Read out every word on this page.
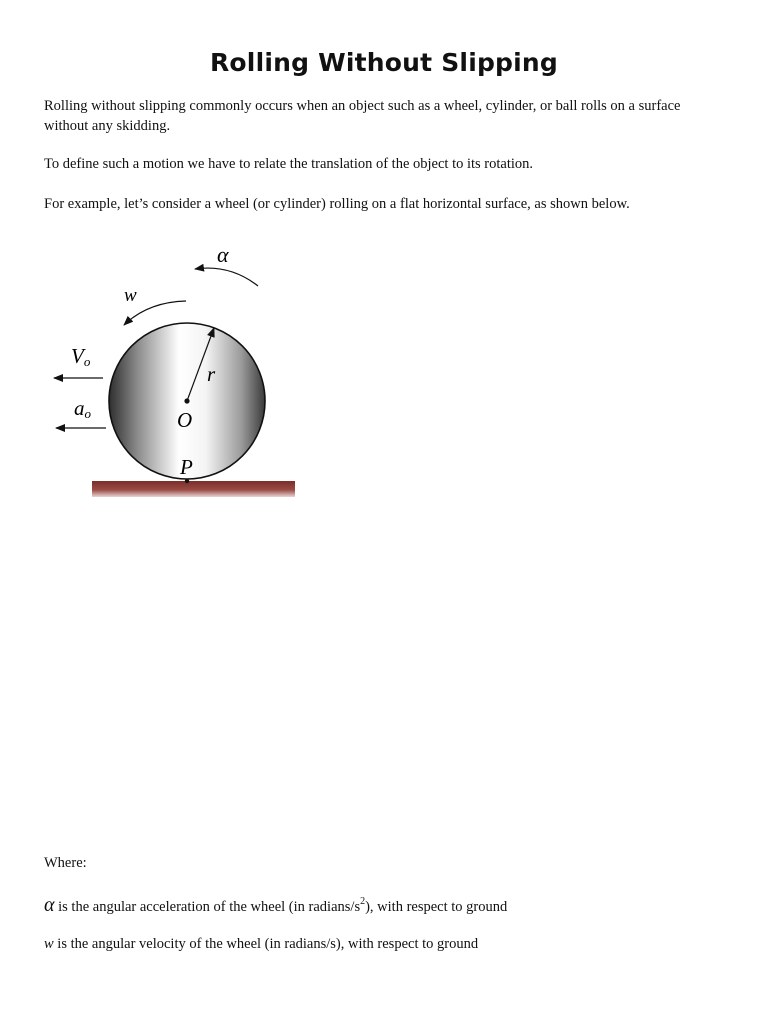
Rolling Without Slipping

Rolling without slipping commonly occurs when an object such as a wheel, cylinder, or ball rolls on a surface without any skidding.

To define such a motion we have to relate the translation of the object to its rotation.

For example, let’s consider a wheel (or cylinder) rolling on a flat horizontal surface, as shown below.

α
w
Vo
ao
r
O
P

Where:

α is the angular acceleration of the wheel (in radians/$s^2$), with respect to ground

w is the angular velocity of the wheel (in radians/s), with respect to ground
